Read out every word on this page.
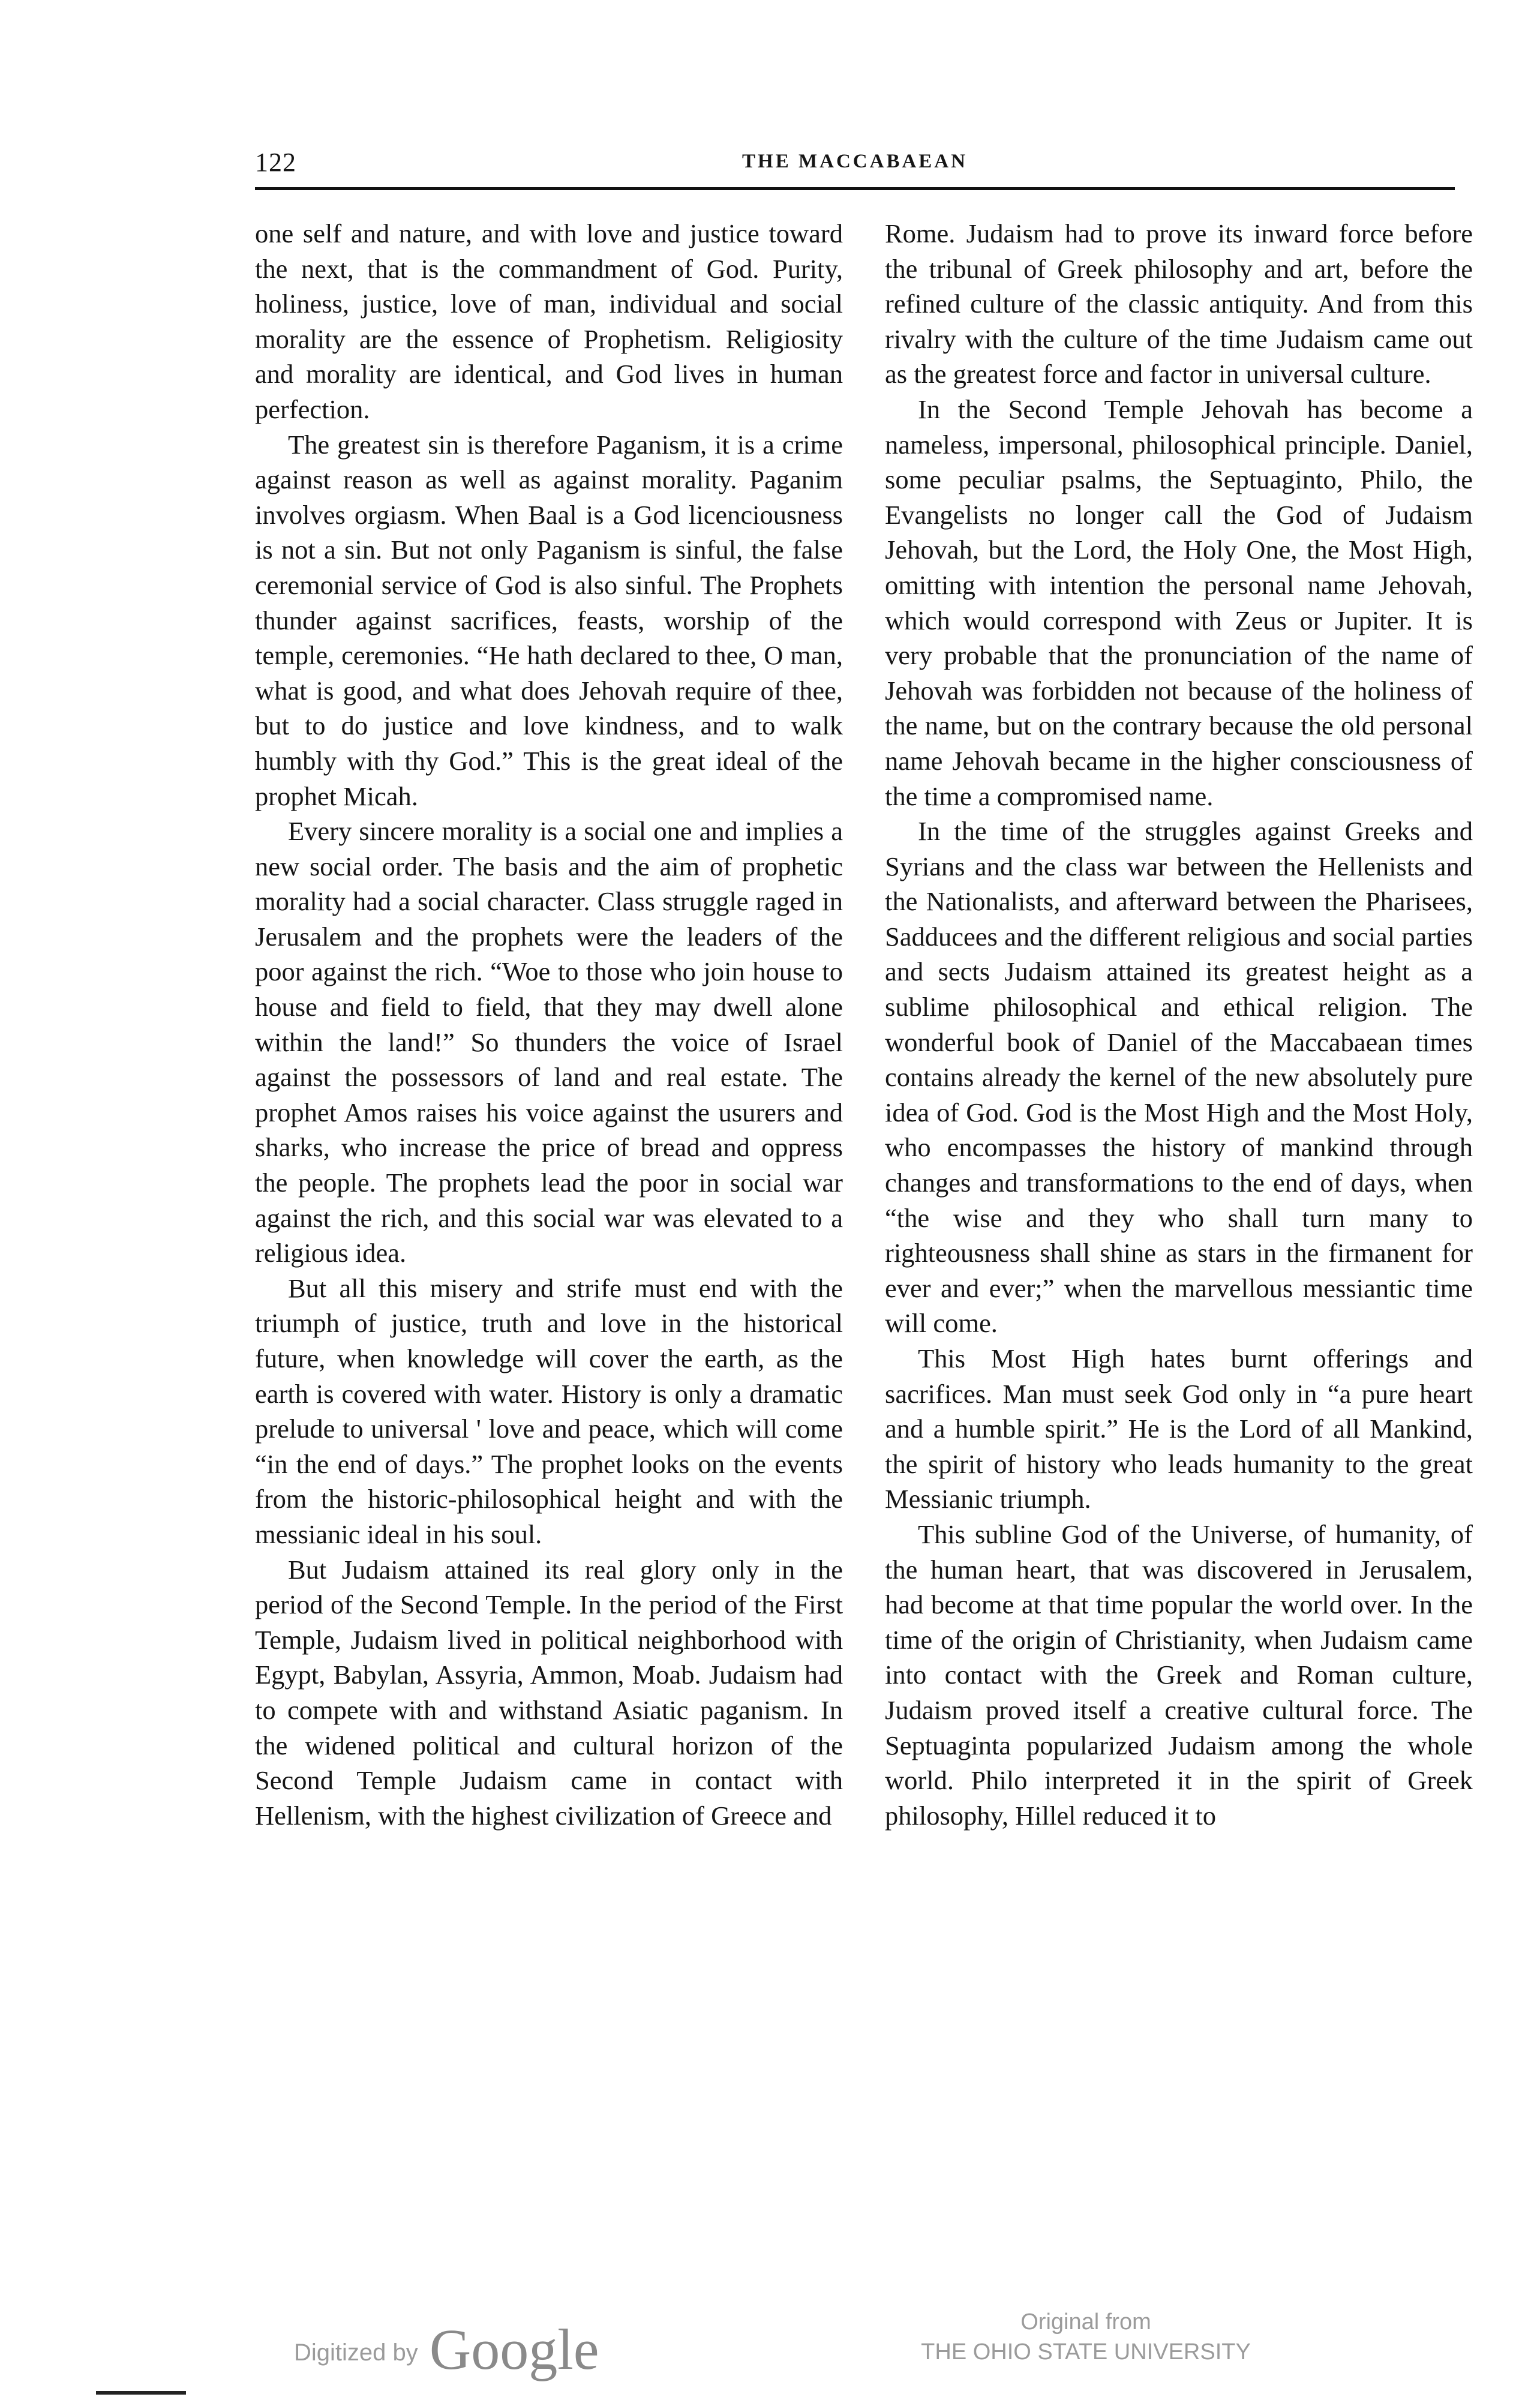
122	THE MACCABAEAN

one self and nature, and with love and justice toward the next, that is the commandment of God. Purity, holiness, justice, love of man, individual and social morality are the essence of Prophetism. Religiosity and morality are identical, and God lives in human perfection.

The greatest sin is therefore Paganism, it is a crime against reason as well as against morality. Paganim involves orgiasm. When Baal is a God licenciousness is not a sin. But not only Paganism is sinful, the false ceremonial service of God is also sinful. The Prophets thunder against sacrifices, feasts, worship of the temple, ceremonies. “He hath declared to thee, O man, what is good, and what does Jehovah require of thee, but to do justice and love kindness, and to walk humbly with thy God.” This is the great ideal of the prophet Micah.

Every sincere morality is a social one and implies a new social order. The basis and the aim of prophetic morality had a social character. Class struggle raged in Jerusalem and the prophets were the leaders of the poor against the rich. “Woe to those who join house to house and field to field, that they may dwell alone within the land!” So thunders the voice of Israel against the possessors of land and real estate. The prophet Amos raises his voice against the usurers and sharks, who increase the price of bread and oppress the people. The prophets lead the poor in social war against the rich, and this social war was elevated to a religious idea.

But all this misery and strife must end with the triumph of justice, truth and love in the historical future, when knowledge will cover the earth, as the earth is covered with water. History is only a dramatic prelude to universal ' love and peace, which will come “in the end of days.” The prophet looks on the events from the historic-philosophical height and with the messianic ideal in his soul.

But Judaism attained its real glory only in the period of the Second Temple. In the period of the First Temple, Judaism lived in political neighborhood with Egypt, Babylan, Assyria, Ammon, Moab. Judaism had to compete with and withstand Asiatic paganism. In the widened political and cultural horizon of the Second Temple Judaism came in contact with Hellenism, with the highest civilization of Greece and

Rome. Judaism had to prove its inward force before the tribunal of Greek philosophy and art, before the refined culture of the classic antiquity. And from this rivalry with the culture of the time Judaism came out as the greatest force and factor in universal culture.

In the Second Temple Jehovah has become a nameless, impersonal, philosophical principle. Daniel, some peculiar psalms, the Septuaginto, Philo, the Evangelists no longer call the God of Judaism Jehovah, but the Lord, the Holy One, the Most High, omitting with intention the personal name Jehovah, which would correspond with Zeus or Jupiter. It is very probable that the pronunciation of the name of Jehovah was forbidden not because of the holiness of the name, but on the contrary because the old personal name Jehovah became in the higher consciousness of the time a compromised name.

In the time of the struggles against Greeks and Syrians and the class war between the Hellenists and the Nationalists, and afterward between the Pharisees, Sadducees and the different religious and social parties and sects Judaism attained its greatest height as a sublime philosophical and ethical religion. The wonderful book of Daniel of the Maccabaean times contains already the kernel of the new absolutely pure idea of God. God is the Most High and the Most Holy, who encompasses the history of mankind through changes and transformations to the end of days, when “the wise and they who shall turn many to righteousness shall shine as stars in the firmanent for ever and ever;” when the marvellous messiantic time will come.

This Most High hates burnt offerings and sacrifices. Man must seek God only in “a pure heart and a humble spirit.” He is the Lord of all Mankind, the spirit of history who leads humanity to the great Messianic triumph.

This subline God of the Universe, of humanity, of the human heart, that was discovered in Jerusalem, had become at that time popular the world over. In the time of the origin of Christianity, when Judaism came into contact with the Greek and Roman culture, Judaism proved itself a creative cultural force. The Septuaginta popularized Judaism among the whole world. Philo interpreted it in the spirit of Greek philosophy, Hillel reduced it to

Digitized by Google	Original from
THE OHIO STATE UNIVERSITY
